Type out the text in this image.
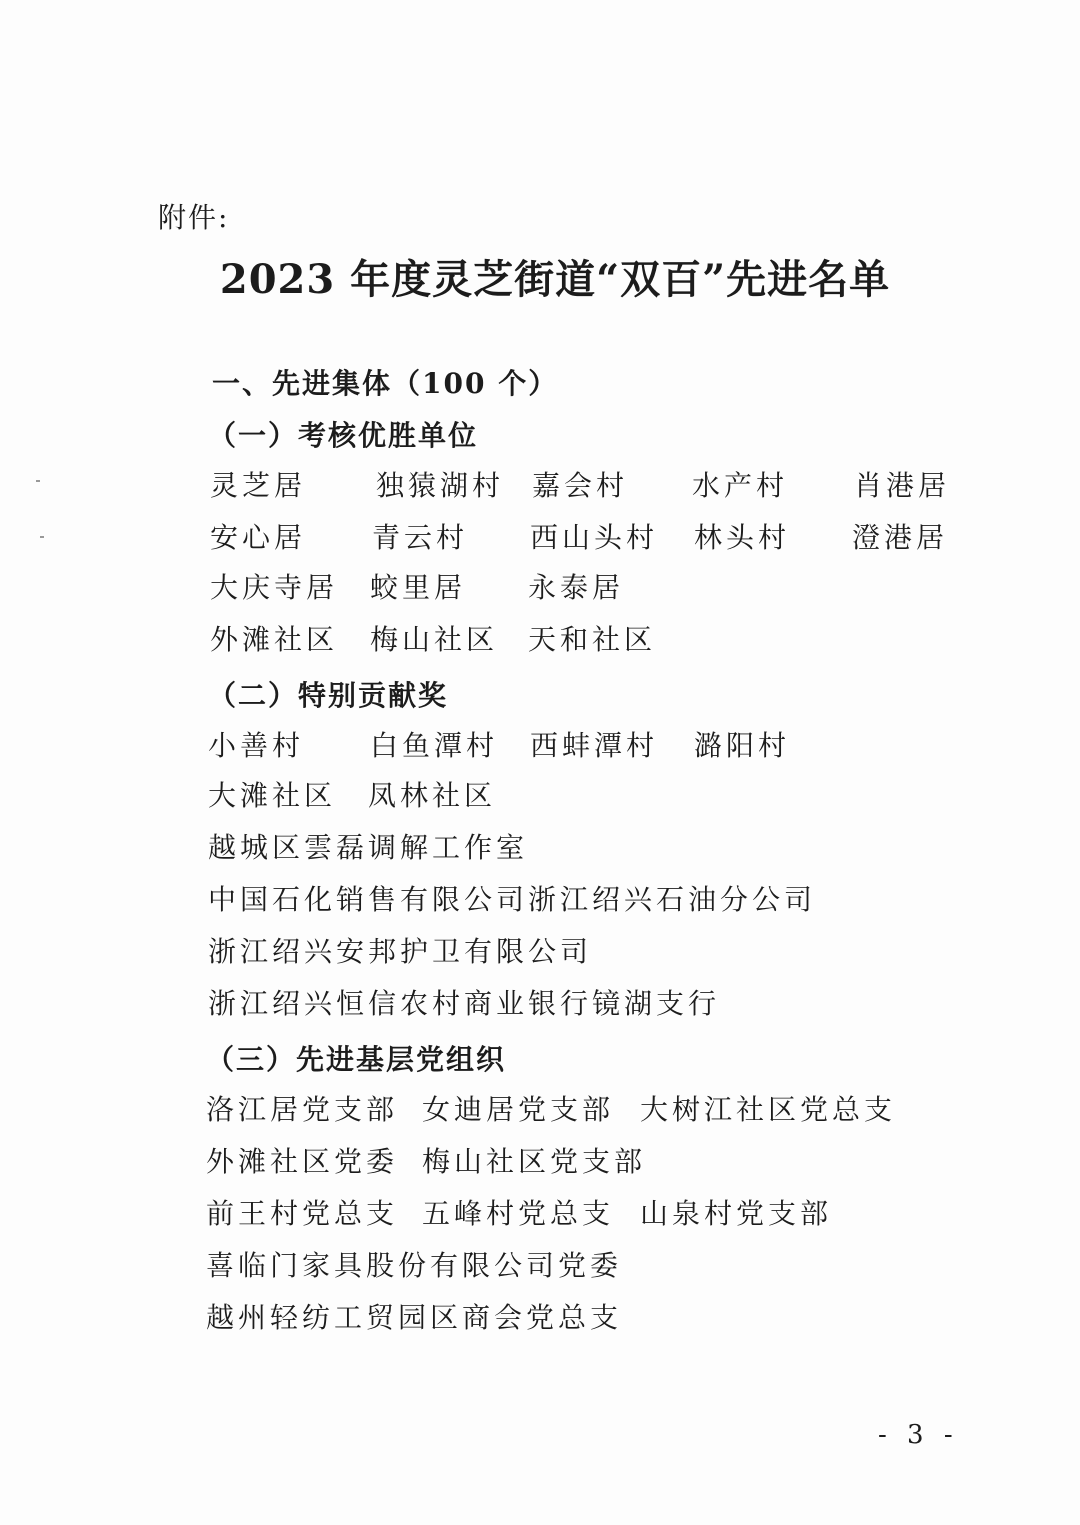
附件:
2023 年度灵芝街道“双百”先进名单
一、先进集体（100 个）
（一）考核优胜单位
灵芝居 独猿湖村 嘉会村 水产村 肖港居
安心居 青云村 西山头村 林头村 澄港居
大庆寺居 蛟里居 永泰居
外滩社区 梅山社区 天和社区
（二）特别贡献奖
小善村 白鱼潭村 西蚌潭村 潞阳村
大滩社区 凤林社区
越城区雲磊调解工作室
中国石化销售有限公司浙江绍兴石油分公司
浙江绍兴安邦护卫有限公司
浙江绍兴恒信农村商业银行镜湖支行
（三）先进基层党组织
洛江居党支部 女迪居党支部 大树江社区党总支
外滩社区党委 梅山社区党支部
前王村党总支 五峰村党总支 山泉村党支部
喜临门家具股份有限公司党委
越州轻纺工贸园区商会党总支
- 3 -
